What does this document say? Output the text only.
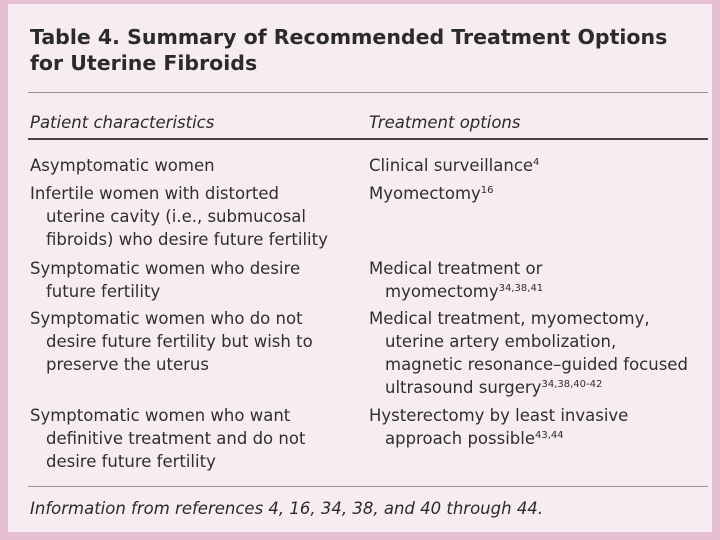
Table 4. Summary of Recommended Treatment Options
for Uterine Fibroids
Patient characteristics	Treatment options
Asymptomatic women	Clinical surveillance$^4$
Infertile women with distorted
uterine cavity (i.e., submucosal
fibroids) who desire future fertility
Myomectomy$^{16}$
Symptomatic women who desire
future fertility
Medical treatment or
myomectomy$^{34,38,41}$
Symptomatic women who do not
desire future fertility but wish to
preserve the uterus
Medical treatment, myomectomy,
uterine artery embolization,
magnetic resonance–guided focused
ultrasound surgery$^{34,38,40-42}$
Symptomatic women who want
definitive treatment and do not
desire future fertility
Hysterectomy by least invasive
approach possible$^{43,44}$
Information from references 4, 16, 34, 38, and 40 through 44.
